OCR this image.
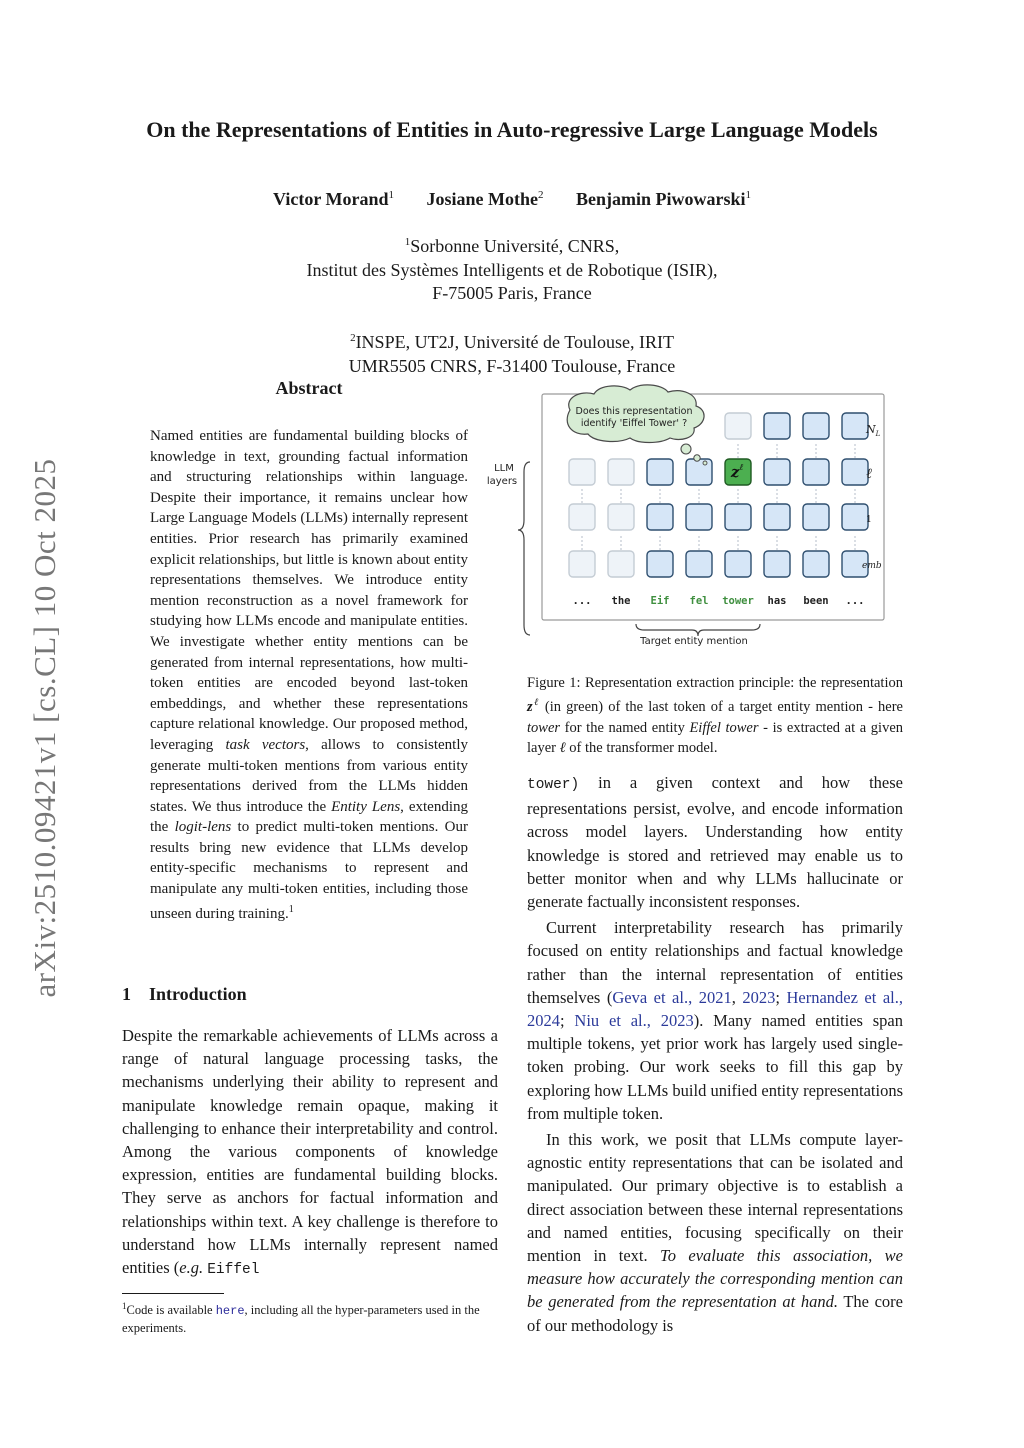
On the Representations of Entities in Auto-regressive Large Language Models
Victor Morand$^1$ Josiane Mothe$^2$ Benjamin Piwowarski$^1$
$^1$Sorbonne Université, CNRS,
Institut des Systèmes Intelligents et de Robotique (ISIR),
F-75005 Paris, France
$^2$INSPE, UT2J, Université de Toulouse, IRIT
UMR5505 CNRS, F-31400 Toulouse, France
arXiv:2510.09421v1 [cs.CL] 10 Oct 2025
Abstract
Named entities are fundamental building blocks of knowledge in text, grounding factual information and structuring relationships within language. Despite their importance, it remains unclear how Large Language Models (LLMs) internally represent entities. Prior research has primarily examined explicit relationships, but little is known about entity representations themselves. We introduce entity mention reconstruction as a novel framework for studying how LLMs encode and manipulate entities. We investigate whether entity mentions can be generated from internal representations, how multi-token entities are encoded beyond last-token embeddings, and whether these representations capture relational knowledge. Our proposed method, leveraging task vectors, allows to consistently generate multi-token mentions from various entity representations derived from the LLMs hidden states. We thus introduce the Entity Lens, extending the logit-lens to predict multi-token mentions. Our results bring new evidence that LLMs develop entity-specific mechanisms to represent and manipulate any multi-token entities, including those unseen during training.$^1$
1 Introduction
Despite the remarkable achievements of LLMs across a range of natural language processing tasks, the mechanisms underlying their ability to represent and manipulate knowledge remain opaque, making it challenging to enhance their interpretability and control. Among the various components of knowledge expression, entities are fundamental building blocks. They serve as anchors for factual information and relationships within text. A key challenge is therefore to understand how LLMs internally represent named entities (e.g. Eiffel
$^1$Code is available here, including all the hyper-parameters used in the experiments.
$z^\ell$
... the Eif fel tower has been ...
LLM
layers
$N_L$
ℓ
1
emb
Does this representation
identify 'Eiffel Tower' ?
Target entity mention
Figure 1: Representation extraction principle: the representation $z^\ell$ (in green) of the last token of a target entity mention - here tower for the named entity Eiffel tower - is extracted at a given layer ℓ of the transformer model.

tower) in a given context and how these representations persist, evolve, and encode information across model layers. Understanding how entity knowledge is stored and retrieved may enable us to better monitor when and why LLMs hallucinate or generate factually inconsistent responses.

Current interpretability research has primarily focused on entity relationships and factual knowledge rather than the internal representation of entities themselves (Geva et al., 2021, 2023; Hernandez et al., 2024; Niu et al., 2023). Many named entities span multiple tokens, yet prior work has largely used single-token probing. Our work seeks to fill this gap by exploring how LLMs build unified entity representations from multiple token.

In this work, we posit that LLMs compute layer-agnostic entity representations that can be isolated and manipulated. Our primary objective is to establish a direct association between these internal representations and named entities, focusing specifically on their mention in text. To evaluate this association, we measure how accurately the corresponding mention can be generated from the representation at hand. The core of our methodology is
